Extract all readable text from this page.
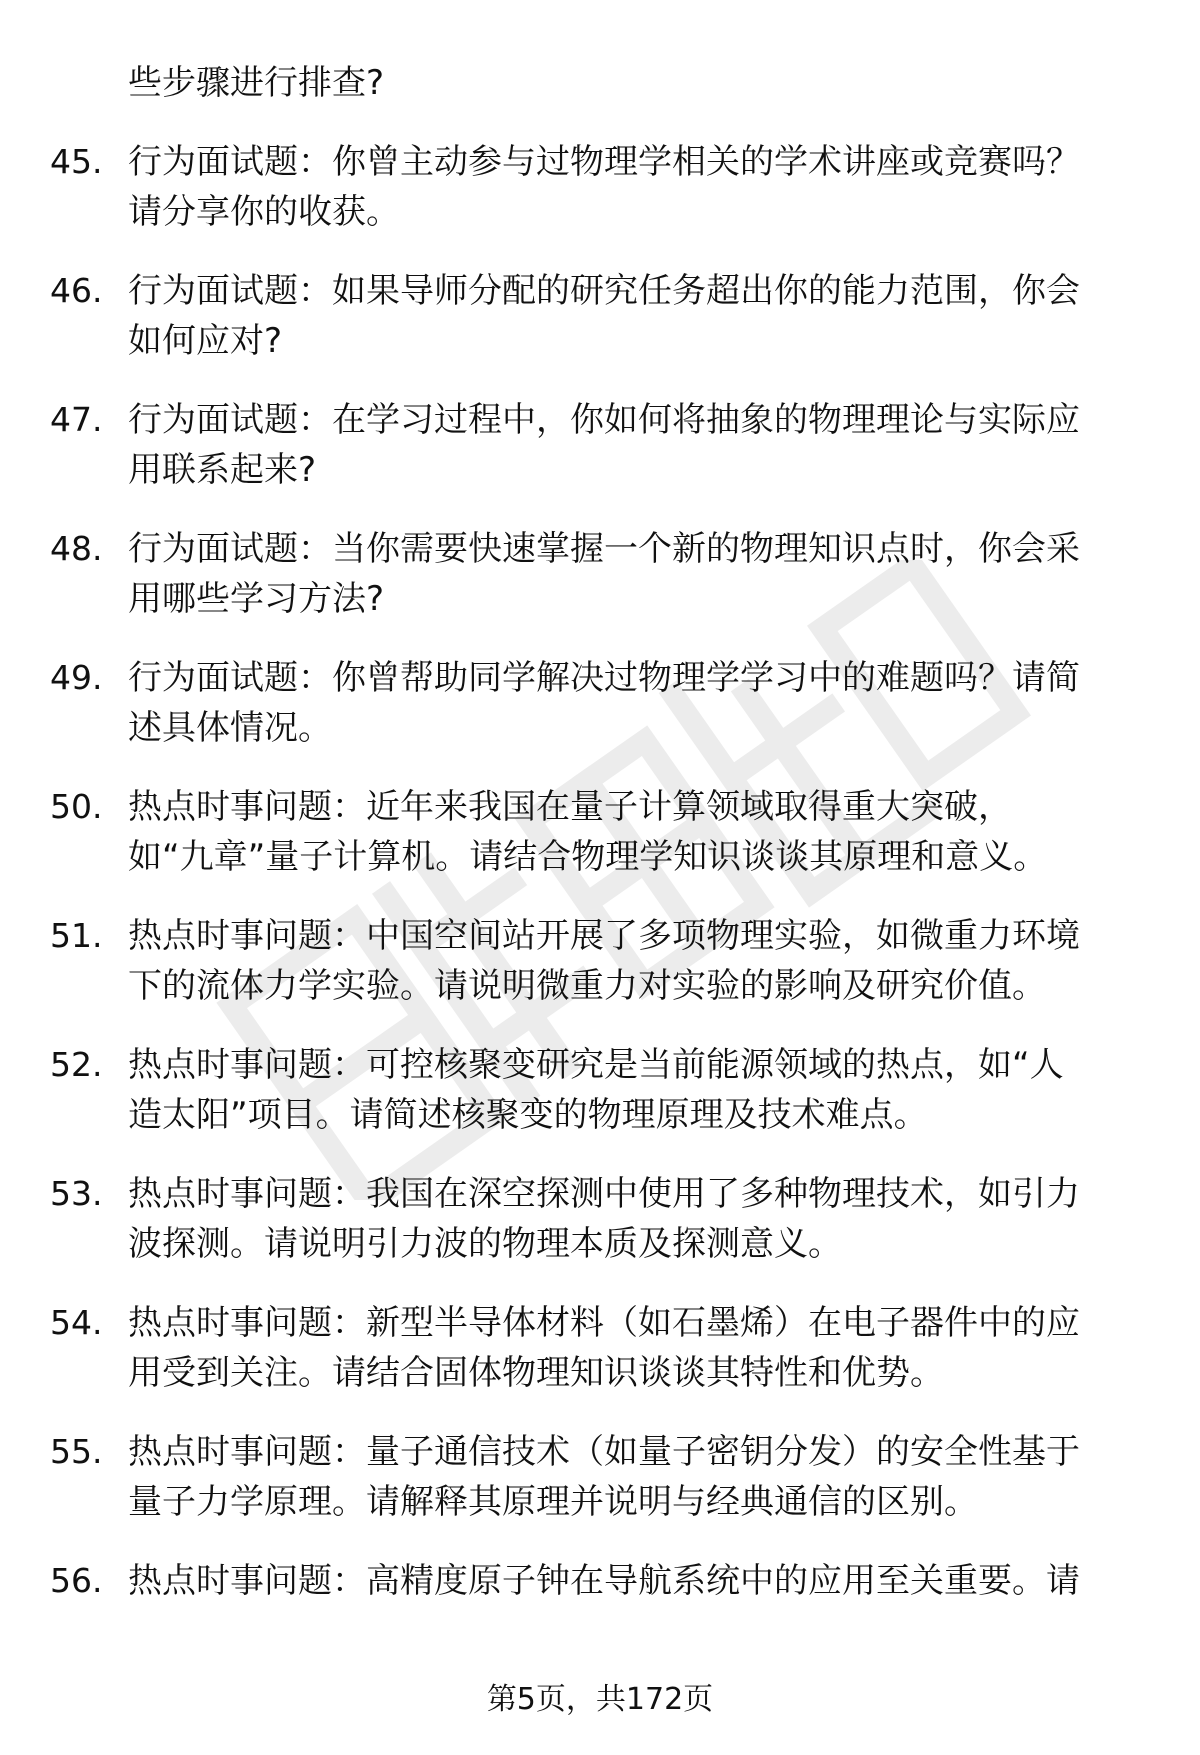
些步骤进行排查?
45. 行为面试题：你曾主动参与过物理学相关的学术讲座或竞赛吗？
请分享你的收获。
46. 行为面试题：如果导师分配的研究任务超出你的能力范围，你会
如何应对?
47. 行为面试题：在学习过程中，你如何将抽象的物理理论与实际应
用联系起来?
48. 行为面试题：当你需要快速掌握一个新的物理知识点时，你会采
用哪些学习方法?
49. 行为面试题：你曾帮助同学解决过物理学学习中的难题吗？请简
述具体情况。
50. 热点时事问题：近年来我国在量子计算领域取得重大突破，
如“九章”量子计算机。请结合物理学知识谈谈其原理和意义。
51. 热点时事问题：中国空间站开展了多项物理实验，如微重力环境
下的流体力学实验。请说明微重力对实验的影响及研究价值。
52. 热点时事问题：可控核聚变研究是当前能源领域的热点，如“人
造太阳”项目。请简述核聚变的物理原理及技术难点。
53. 热点时事问题：我国在深空探测中使用了多种物理技术，如引力
波探测。请说明引力波的物理本质及探测意义。
54. 热点时事问题：新型半导体材料（如石墨烯）在电子器件中的应
用受到关注。请结合固体物理知识谈谈其特性和优势。
55. 热点时事问题：量子通信技术（如量子密钥分发）的安全性基于
量子力学原理。请解释其原理并说明与经典通信的区别。
56. 热点时事问题：高精度原子钟在导航系统中的应用至关重要。请
第5页，共172页
